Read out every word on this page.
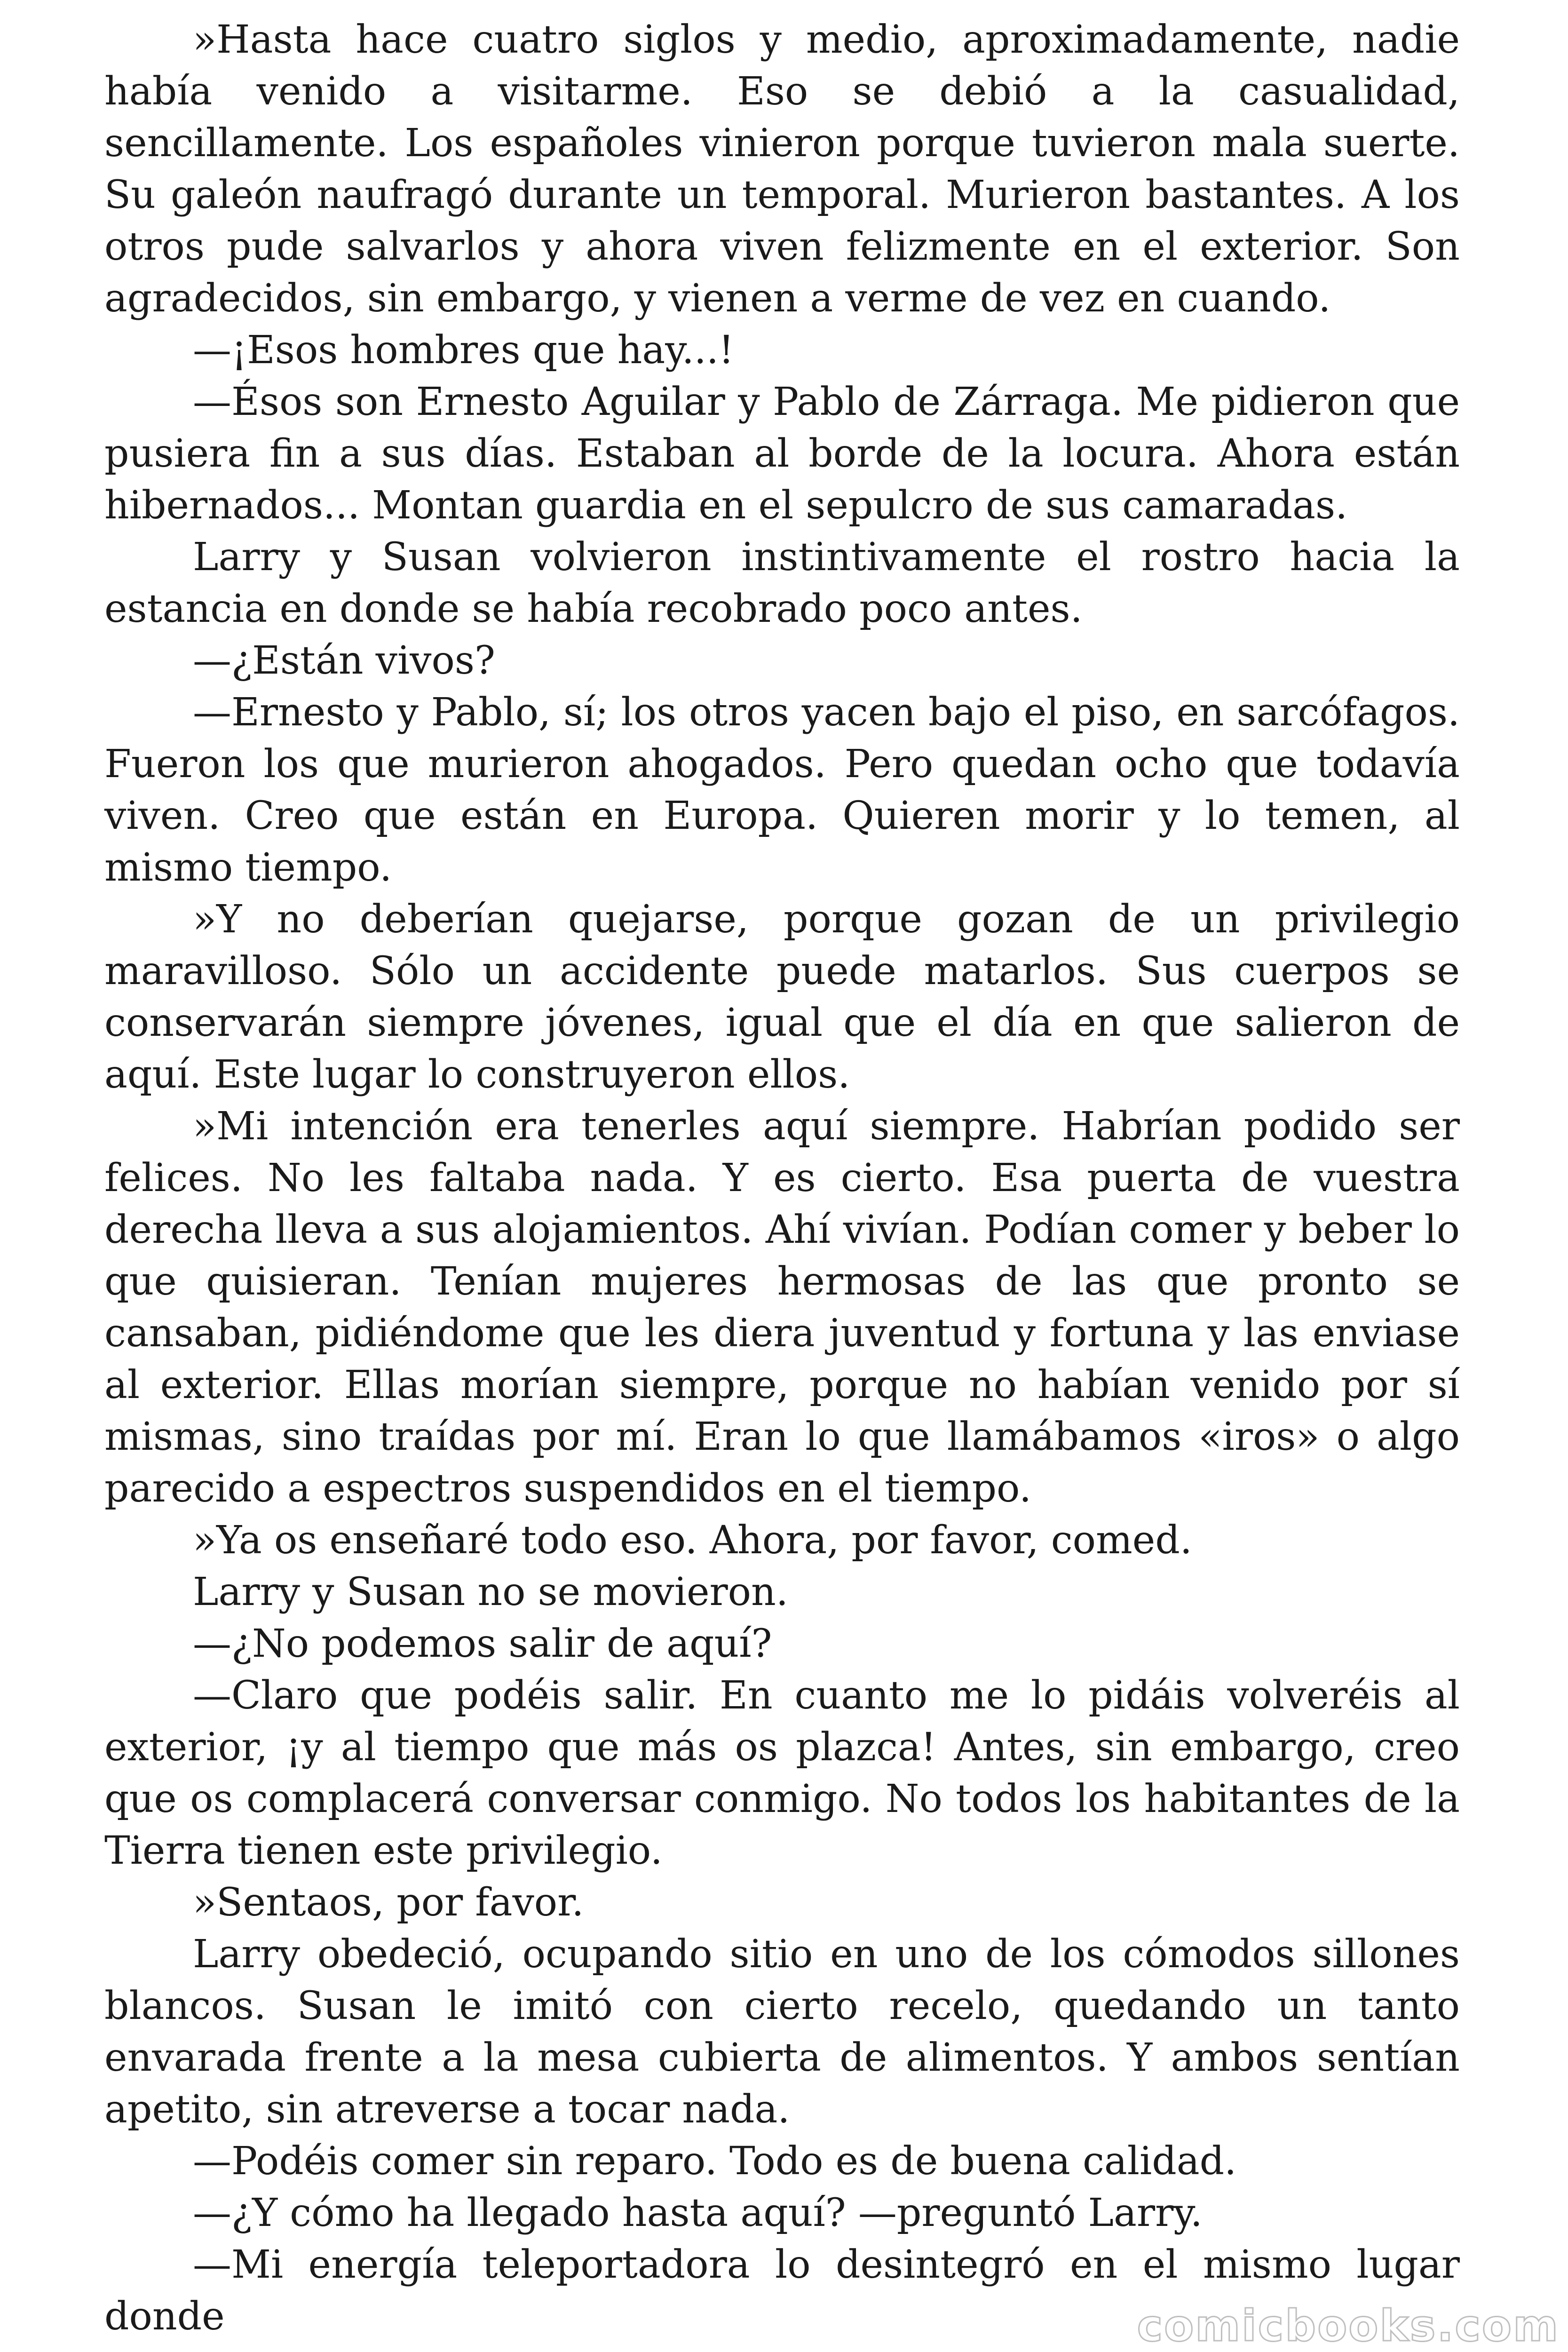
»Hasta hace cuatro siglos y medio, aproximadamente, nadie había venido a visitarme. Eso se debió a la casualidad, sencillamente. Los españoles vinieron porque tuvieron mala suerte. Su galeón naufragó durante un temporal. Murieron bastantes. A los otros pude salvarlos y ahora viven felizmente en el exterior. Son agradecidos, sin embargo, y vienen a verme de vez en cuando.

—¡Esos hombres que hay...!

—Ésos son Ernesto Aguilar y Pablo de Zárraga. Me pidieron que pusiera fin a sus días. Estaban al borde de la locura. Ahora están hibernados... Montan guardia en el sepulcro de sus camaradas.

Larry y Susan volvieron instintivamente el rostro hacia la estancia en donde se había recobrado poco antes.

—¿Están vivos?

—Ernesto y Pablo, sí; los otros yacen bajo el piso, en sarcófagos. Fueron los que murieron ahogados. Pero quedan ocho que todavía viven. Creo que están en Europa. Quieren morir y lo temen, al mismo tiempo.

»Y no deberían quejarse, porque gozan de un privilegio maravilloso. Sólo un accidente puede matarlos. Sus cuerpos se conservarán siempre jóvenes, igual que el día en que salieron de aquí. Este lugar lo construyeron ellos.

»Mi intención era tenerles aquí siempre. Habrían podido ser felices. No les faltaba nada. Y es cierto. Esa puerta de vuestra derecha lleva a sus alojamientos. Ahí vivían. Podían comer y beber lo que quisieran. Tenían mujeres hermosas de las que pronto se cansaban, pidiéndome que les diera juventud y fortuna y las enviase al exterior. Ellas morían siempre, porque no habían venido por sí mismas, sino traídas por mí. Eran lo que llamábamos «iros» o algo parecido a espectros suspendidos en el tiempo.

»Ya os enseñaré todo eso. Ahora, por favor, comed.

Larry y Susan no se movieron.

—¿No podemos salir de aquí?

—Claro que podéis salir. En cuanto me lo pidáis volveréis al exterior, ¡y al tiempo que más os plazca! Antes, sin embargo, creo que os complacerá conversar conmigo. No todos los habitantes de la Tierra tienen este privilegio.

»Sentaos, por favor.

Larry obedeció, ocupando sitio en uno de los cómodos sillones blancos. Susan le imitó con cierto recelo, quedando un tanto envarada frente a la mesa cubierta de alimentos. Y ambos sentían apetito, sin atreverse a tocar nada.

—Podéis comer sin reparo. Todo es de buena calidad.

—¿Y cómo ha llegado hasta aquí? —preguntó Larry.

—Mi energía teleportadora lo desintegró en el mismo lugar donde	comicbooks.com
